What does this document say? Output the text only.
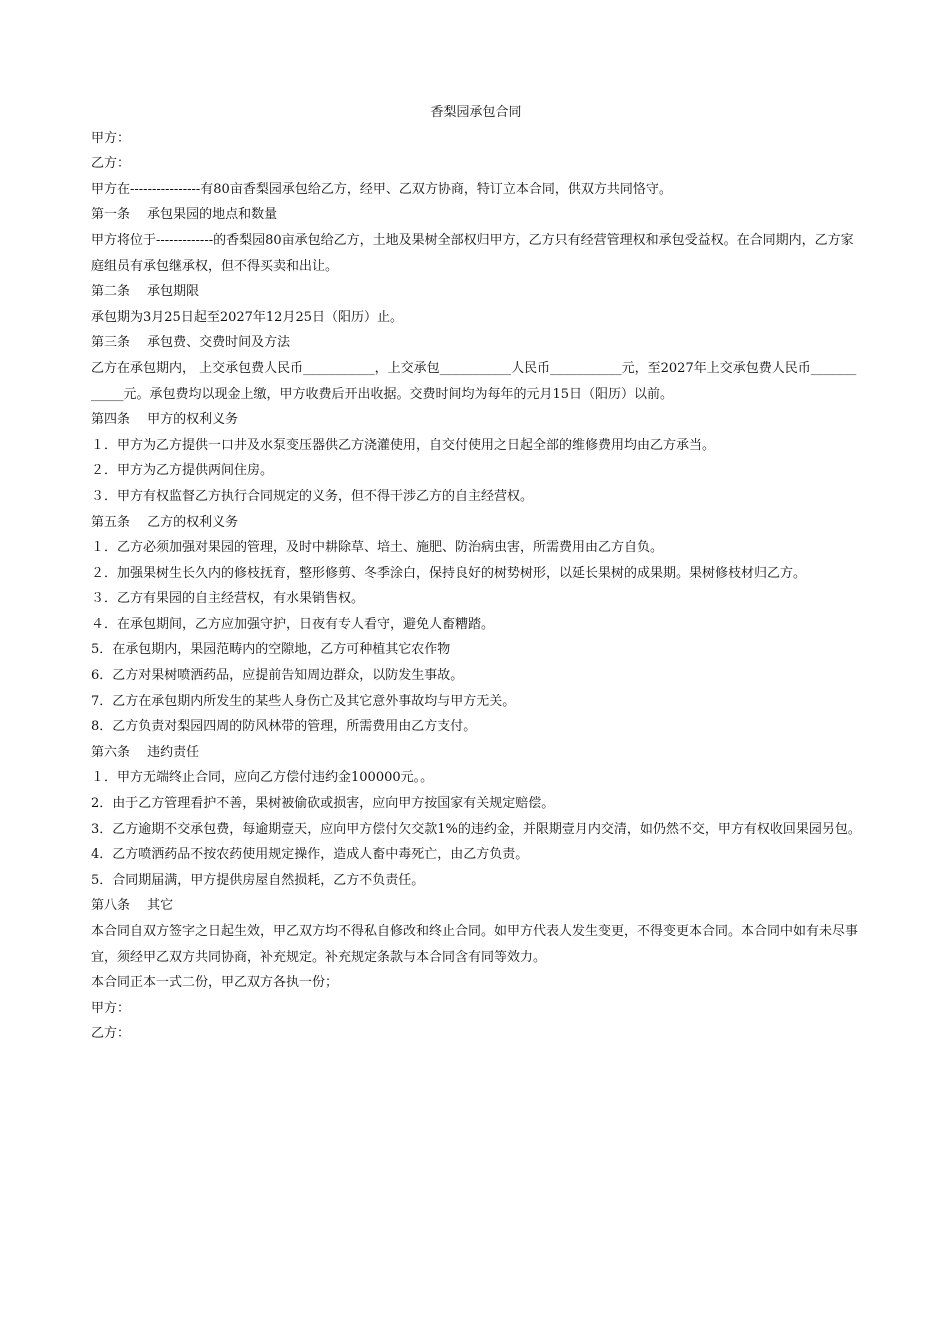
香梨园承包合同

甲方：

乙方：

甲方在----------------有80亩香梨园承包给乙方，经甲、乙双方协商，特订立本合同，供双方共同恪守。

第一条　 承包果园的地点和数量

甲方将位于-------------的香梨园80亩承包给乙方，土地及果树全部权归甲方，乙方只有经营管理权和承包受益权。在合同期内，乙方家庭组员有承包继承权，但不得买卖和出让。

第二条　 承包期限

承包期为3月25日起至2027年12月25日（阳历）止。

第三条　 承包费、交费时间及方法

乙方在承包期内， 上交承包费人民币___________，上交承包___________人民币___________元，至2027年上交承包费人民币____________元。承包费均以现金上缴，甲方收费后开出收据。交费时间均为每年的元月15日（阳历）以前。

第四条　 甲方的权利义务

１．甲方为乙方提供一口井及水泵变压器供乙方浇灌使用，自交付使用之日起全部的维修费用均由乙方承当。

２．甲方为乙方提供两间住房。

３．甲方有权监督乙方执行合同规定的义务，但不得干涉乙方的自主经营权。

第五条　 乙方的权利义务

１．乙方必须加强对果园的管理，及时中耕除草、培土、施肥、防治病虫害，所需费用由乙方自负。

２．加强果树生长久内的修枝抚育，整形修剪、冬季涂白，保持良好的树势树形，以延长果树的成果期。果树修枝材归乙方。

３．乙方有果园的自主经营权，有水果销售权。

４．在承包期间，乙方应加强守护，日夜有专人看守，避免人畜糟踏。

5．在承包期内，果园范畴内的空隙地，乙方可种植其它农作物

6．乙方对果树喷洒药品，应提前告知周边群众，以防发生事故。

7．乙方在承包期内所发生的某些人身伤亡及其它意外事故均与甲方无关。

8．乙方负责对梨园四周的防风林带的管理，所需费用由乙方支付。

第六条　 违约责任

１．甲方无端终止合同，应向乙方偿付违约金100000元。。

2．由于乙方管理看护不善，果树被偷砍或损害，应向甲方按国家有关规定赔偿。

3．乙方逾期不交承包费，每逾期壹天，应向甲方偿付欠交款1%的违约金，并限期壹月内交清，如仍然不交，甲方有权收回果园另包。

4．乙方喷洒药品不按农药使用规定操作，造成人畜中毒死亡，由乙方负责。

5．合同期届满，甲方提供房屋自然损耗，乙方不负责任。

第八条　 其它

本合同自双方签字之日起生效，甲乙双方均不得私自修改和终止合同。如甲方代表人发生变更，不得变更本合同。本合同中如有未尽事宜，须经甲乙双方共同协商，补充规定。补充规定条款与本合同含有同等效力。

本合同正本一式二份，甲乙双方各执一份；

甲方：

乙方：
